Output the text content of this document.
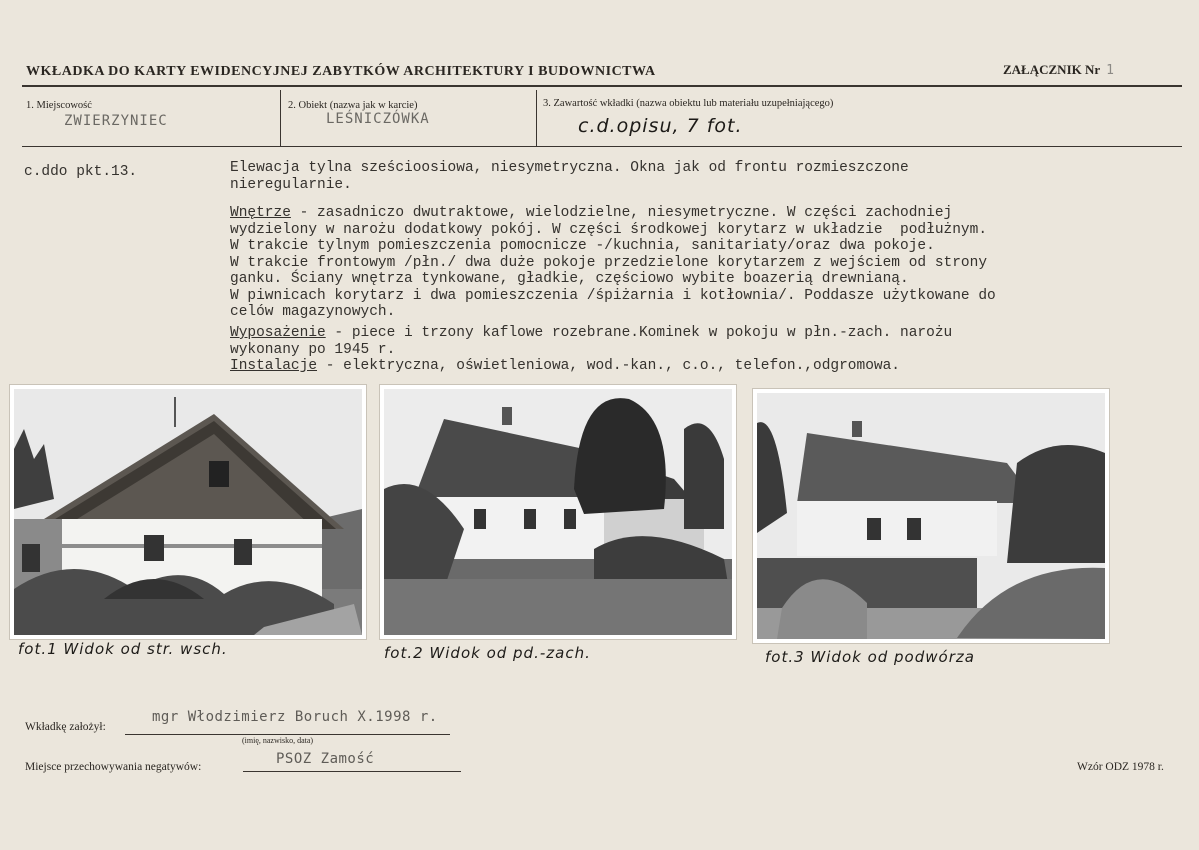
WKŁADKA DO KARTY EWIDENCYJNEJ ZABYTKÓW ARCHITEKTURY I BUDOWNICTWA	ZAŁĄCZNIK Nr 1
1. Miejscowość
ZWIERZYNIEC
2. Obiekt (nazwa jak w karcie)
LEŚNICZÓWKA
3. Zawartość wkładki (nazwa obiektu lub materiału uzupełniającego)
c.d.opisu, 7 fot.
c.ddo pkt.13.	Elewacja tylna sześcioosiowa, niesymetryczna. Okna jak od frontu rozmieszczone
nieregularnie.
Wnętrze - zasadniczo dwutraktowe, wielodzielne, niesymetryczne. W części zachodniej
wydzielony w narożu dodatkowy pokój. W części środkowej korytarz w układzie  podłużnym.
W trakcie tylnym pomieszczenia pomocnicze -/kuchnia, sanitariaty/oraz dwa pokoje.
W trakcie frontowym /płn./ dwa duże pokoje przedzielone korytarzem z wejściem od strony
ganku. Ściany wnętrza tynkowane, gładkie, częściowo wybite boazerią drewnianą.
W piwnicach korytarz i dwa pomieszczenia /śpiżarnia i kotłownia/. Poddasze użytkowane do
celów magazynowych.
Wyposażenie - piece i trzony kaflowe rozebrane.Kominek w pokoju w płn.-zach. narożu
wykonany po 1945 r.
Instalacje - elektryczna, oświetleniowa, wod.-kan., c.o., telefon.,odgromowa.
fot.1 Widok od str. wsch.	fot.2 Widok od pd.-zach.	fot.3 Widok od podwórza
Wkładkę założył:
mgr Włodzimierz Boruch X.1998 r.
(imię, nazwisko, data)
Miejsce przechowywania negatywów:	PSOZ Zamość	Wzór ODZ 1978 r.
